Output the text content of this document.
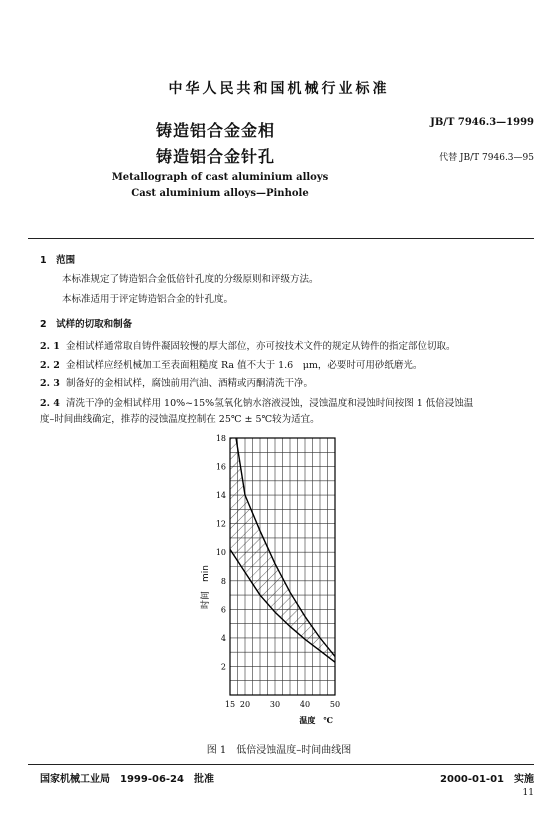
中华人民共和国机械行业标准
铸造铝合金金相
铸造铝合金针孔
JB/T 7946.3—1999
代替 JB/T 7946.3—95
Metallograph of cast aluminium alloys
Cast aluminium alloys—Pinhole
1　范围
本标准规定了铸造铝合金低倍针孔度的分级原则和评级方法。
本标准适用于评定铸造铝合金的针孔度。
2　试样的切取和制备
2. 1 金相试样通常取自铸件凝固较慢的厚大部位，亦可按技术文件的规定从铸件的指定部位切取。
2. 2 金相试样应经机械加工至表面粗糙度 Ra 值不大于 1.6　μm，必要时可用砂纸磨光。
2. 3 制备好的金相试样，腐蚀前用汽油、酒精或丙酮清洗干净。
2. 4 清洗干净的金相试样用 10%~15%氢氧化钠水溶液浸蚀，浸蚀温度和浸蚀时间按图 1 低倍浸蚀温
度–时间曲线确定，推荐的浸蚀温度控制在 25℃ ± 5℃较为适宜。
15 20 30 40 50
2
4
6
8
10
12
14
16
18
时间　min
温度　℃
图 1　低倍浸蚀温度–时间曲线图
国家机械工业局　1999-06-24　批准	2000-01-01　实施
11
